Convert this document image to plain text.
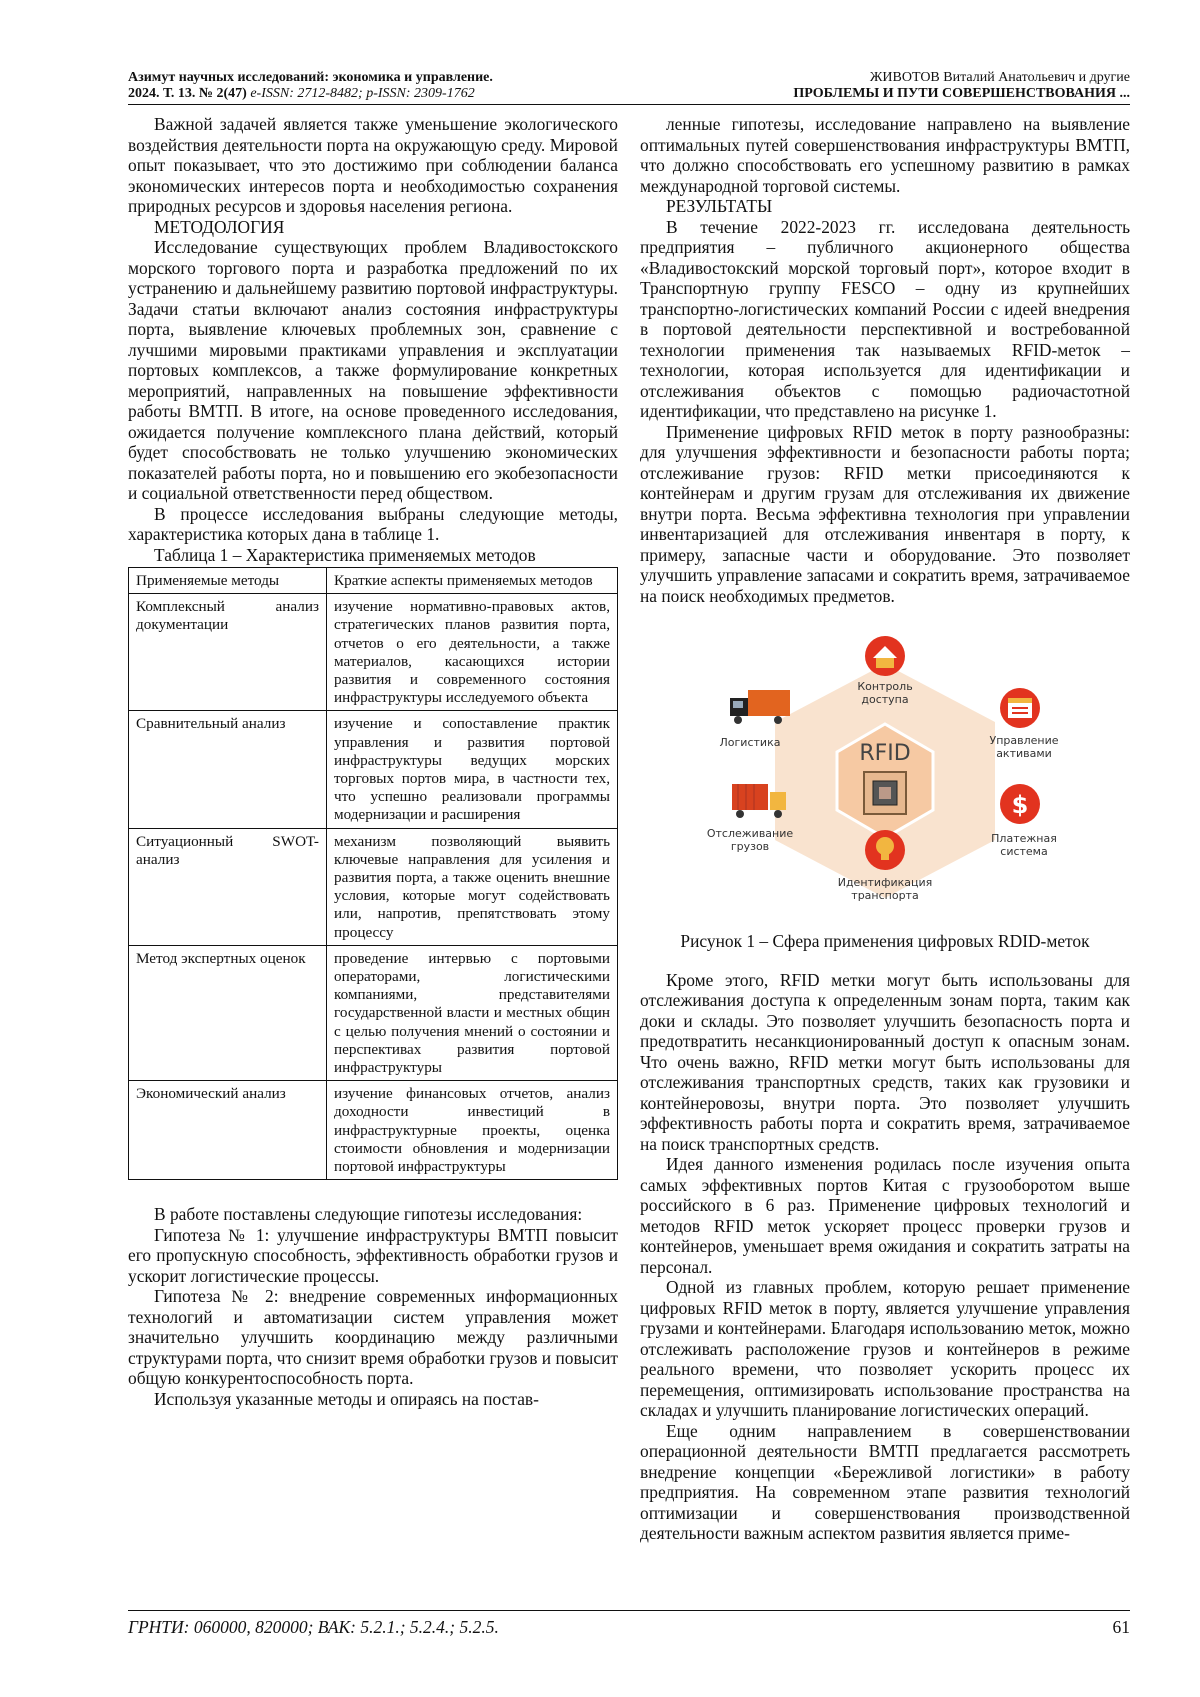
Азимут научных исследований: экономика и управление.
2024. Т. 13. № 2(47) e-ISSN: 2712-8482; p-ISSN: 2309-1762
ЖИВОТОВ Виталий Анатольевич и другие
ПРОБЛЕМЫ И ПУТИ СОВЕРШЕНСТВОВАНИЯ ...

Важной задачей является также уменьшение экологического воздействия деятельности порта на окружающую среду. Мировой опыт показывает, что это достижимо при соблюдении баланса экономических интересов порта и необходимостью сохранения природных ресурсов и здоровья населения региона.

МЕТОДОЛОГИЯ

Исследование существующих проблем Владивостокского морского торгового порта и разработка предложений по их устранению и дальнейшему развитию портовой инфраструктуры. Задачи статьи включают анализ состояния инфраструктуры порта, выявление ключевых проблемных зон, сравнение с лучшими мировыми практиками управления и эксплуатации портовых комплексов, а также формулирование конкретных мероприятий, направленных на повышение эффективности работы ВМТП. В итоге, на основе проведенного исследования, ожидается получение комплексного плана действий, который будет способствовать не только улучшению экономических показателей работы порта, но и повышению его экобезопасности и социальной ответственности перед обществом.

В процессе исследования выбраны следующие методы, характеристика которых дана в таблице 1.

Таблица 1 – Характеристика применяемых методов

Применяемые методы	Краткие аспекты применяемых методов
Комплексный анализ документации	изучение нормативно-правовых актов, стратегических планов развития порта, отчетов о его деятельности, а также материалов, касающихся истории развития и современного состояния инфраструктуры исследуемого объекта
Сравнительный анализ	изучение и сопоставление практик управления и развития портовой инфраструктуры ведущих морских торговых портов мира, в частности тех, что успешно реализовали программы модернизации и расширения
Ситуационный SWOT-анализ	механизм позволяющий выявить ключевые направления для усиления и развития порта, а также оценить внешние условия, которые могут содействовать или, напротив, препятствовать этому процессу
Метод экспертных оценок	проведение интервью с портовыми операторами, логистическими компаниями, представителями государственной власти и местных общин с целью получения мнений о состоянии и перспективах развития портовой инфраструктуры
Экономический анализ	изучение финансовых отчетов, анализ доходности инвестиций в инфраструктурные проекты, оценка стоимости обновления и модернизации портовой инфраструктуры

В работе поставлены следующие гипотезы исследования:

Гипотеза № 1: улучшение инфраструктуры ВМТП повысит его пропускную способность, эффективность обработки грузов и ускорит логистические процессы.

Гипотеза № 2: внедрение современных информационных технологий и автоматизации систем управления может значительно улучшить координацию между различными структурами порта, что снизит время обработки грузов и повысит общую конкурентоспособность порта.

Используя указанные методы и опираясь на постав-

ленные гипотезы, исследование направлено на выявление оптимальных путей совершенствования инфраструктуры ВМТП, что должно способствовать его успешному развитию в рамках международной торговой системы.

РЕЗУЛЬТАТЫ

В течение 2022-2023 гг. исследована деятельность предприятия – публичного акционерного общества «Владивостокский морской торговый порт», которое входит в Транспортную группу FESCO – одну из крупнейших транспортно-логистических компаний России с идеей внедрения в портовой деятельности перспективной и востребованной технологии применения так называемых RFID-меток – технологии, которая используется для идентификации и отслеживания объектов с помощью радиочастотной идентификации, что представлено на рисунке 1.

Применение цифровых RFID меток в порту разнообразны: для улучшения эффективности и безопасности работы порта; отслеживание грузов: RFID метки присоединяются к контейнерам и другим грузам для отслеживания их движение внутри порта. Весьма эффективна технология при управлении инвентаризацией для отслеживания инвентаря в порту, к примеру, запасные части и оборудование. Это позволяет улучшить управление запасами и сократить время, затрачиваемое на поиск необходимых предметов.

RFID
Контроль
доступа
Управление
активами
$
Платежная
система
Идентификация
транспорта
Отслеживание
грузов
Логистика

Рисунок 1 – Сфера применения цифровых RDID-меток

Кроме этого, RFID метки могут быть использованы для отслеживания доступа к определенным зонам порта, таким как доки и склады. Это позволяет улучшить безопасность порта и предотвратить несанкционированный доступ к опасным зонам. Что очень важно, RFID метки могут быть использованы для отслеживания транспортных средств, таких как грузовики и контейнеровозы, внутри порта. Это позволяет улучшить эффективность работы порта и сократить время, затрачиваемое на поиск транспортных средств.

Идея данного изменения родилась после изучения опыта самых эффективных портов Китая с грузооборотом выше российского в 6 раз. Применение цифровых технологий и методов RFID меток ускоряет процесс проверки грузов и контейнеров, уменьшает время ожидания и сократить затраты на персонал.

Одной из главных проблем, которую решает применение цифровых RFID меток в порту, является улучшение управления грузами и контейнерами. Благодаря использованию меток, можно отслеживать расположение грузов и контейнеров в режиме реального времени, что позволяет ускорить процесс их перемещения, оптимизировать использование пространства на складах и улучшить планирование логистических операций.

Еще одним направлением в совершенствовании операционной деятельности ВМТП предлагается рассмотреть внедрение концепции «Бережливой логистики» в работу предприятия. На современном этапе развития технологий оптимизации и совершенствования производственной деятельности важным аспектом развития является приме-

ГРНТИ: 060000, 820000; ВАК: 5.2.1.; 5.2.4.; 5.2.5.	61
